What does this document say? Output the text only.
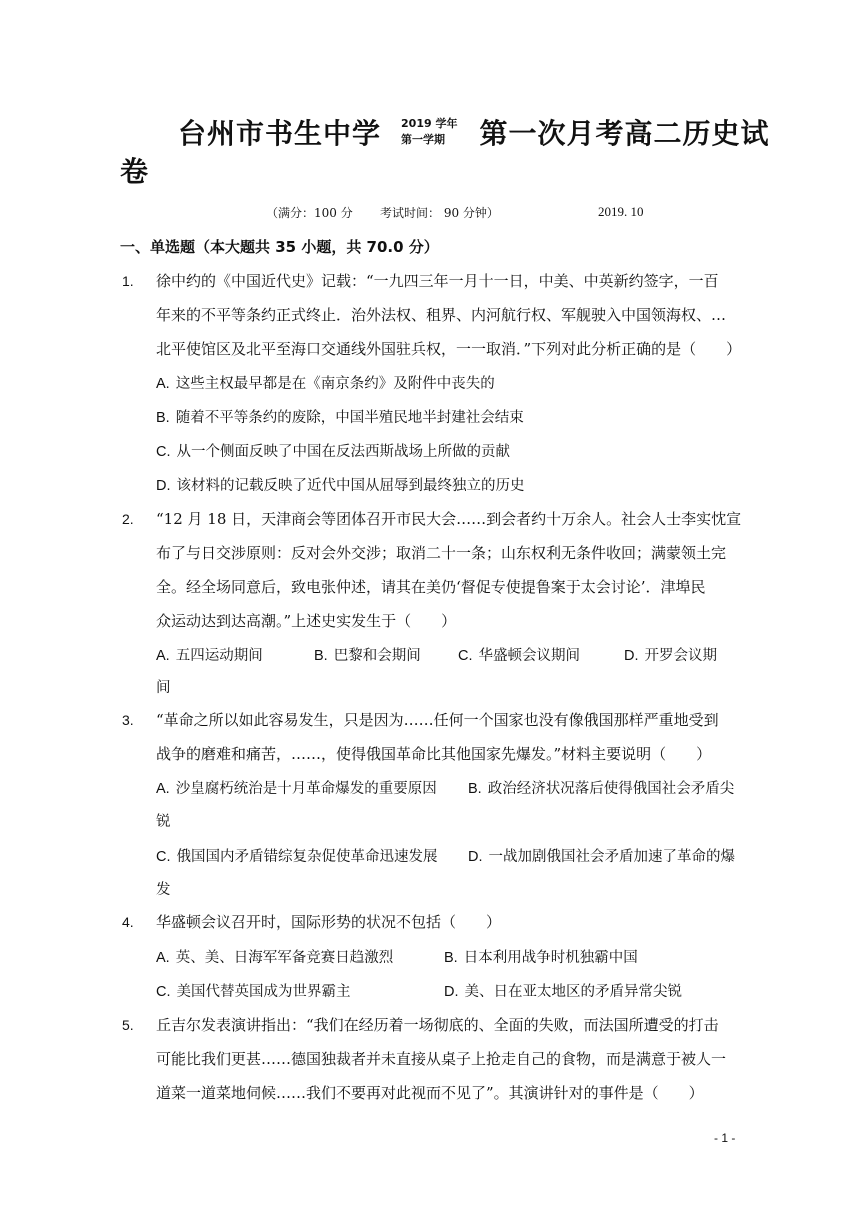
台州市书生中学 2019 学年
第一学期	第一次月考高二历史试
卷
（满分：100 分 考试时间： 90 分钟）	2019. 10
一、单选题（本大题共 35 小题，共 70.0 分）
1. 徐中约的《中国近代史》记载：“一九四三年一月十一日，中美、中英新约签字，一百
年来的不平等条约正式终止．治外法权、租界、内河航行权、军舰驶入中国领海权、…
北平使馆区及北平至海口交通线外国驻兵权，一一取消．”下列对此分析正确的是（　　）
A. 这些主权最早都是在《南京条约》及附件中丧失的
B. 随着不平等条约的废除，中国半殖民地半封建社会结束
C. 从一个侧面反映了中国在反法西斯战场上所做的贡献
D. 该材料的记载反映了近代中国从屈辱到最终独立的历史
2. “12 月 18 日，天津商会等团体召开市民大会……到会者约十万余人。社会人士李实忱宣
布了与日交涉原则：反对会外交涉；取消二十一条；山东权利无条件收回；满蒙领土完
全。经全场同意后，致电张仲述，请其在美仍‘督促专使提鲁案于太会讨论’．津埠民
众运动达到达高潮。”上述史实发生于（　　）
A. 五四运动期间	B. 巴黎和会期间	C. 华盛顿会议期间	D. 开罗会议期
间
3. “革命之所以如此容易发生，只是因为……任何一个国家也没有像俄国那样严重地受到
战争的磨难和痛苦，……，使得俄国革命比其他国家先爆发。”材料主要说明（　　）
A. 沙皇腐朽统治是十月革命爆发的重要原因 B. 政治经济状况落后使得俄国社会矛盾尖
锐
C. 俄国国内矛盾错综复杂促使革命迅速发展 D. 一战加剧俄国社会矛盾加速了革命的爆
发
4. 华盛顿会议召开时，国际形势的状况不包括（　　）
A. 英、美、日海军军备竞赛日趋激烈	B. 日本利用战争时机独霸中国
C. 美国代替英国成为世界霸主	D. 美、日在亚太地区的矛盾异常尖锐
5. 丘吉尔发表演讲指出：“我们在经历着一场彻底的、全面的失败，而法国所遭受的打击
可能比我们更甚……德国独裁者并未直接从桌子上抢走自己的食物，而是满意于被人一
道菜一道菜地伺候……我们不要再对此视而不见了”。其演讲针对的事件是（　　）
- 1 -
